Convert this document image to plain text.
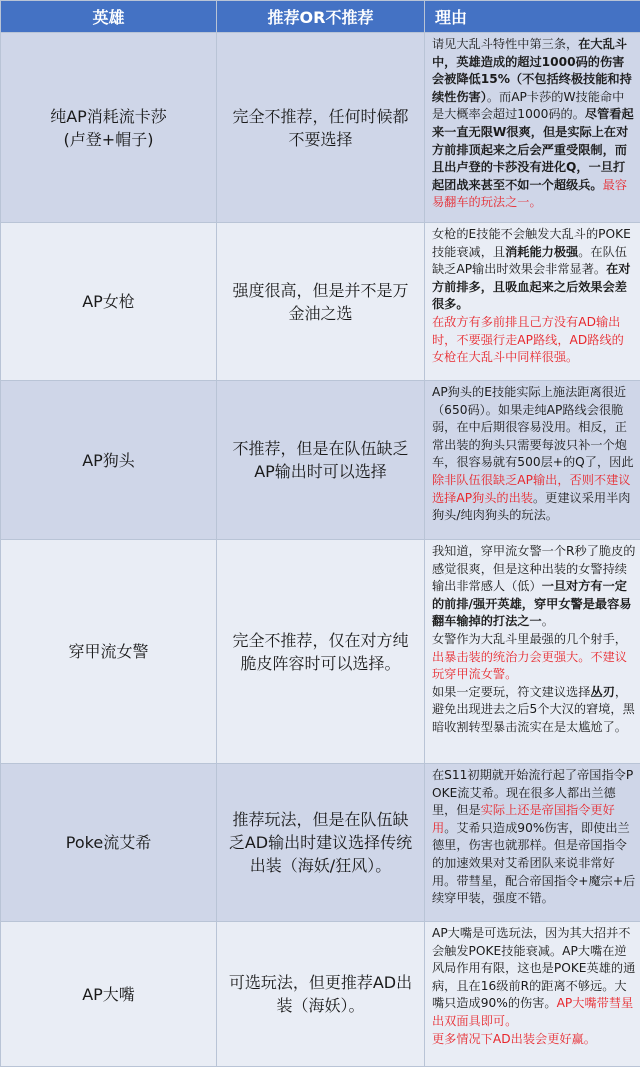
英雄	推荐OR不推荐	理由
纯AP消耗流卡莎
(卢登+帽子)	完全不推荐，任何时候都不要选择	请见大乱斗特性中第三条，在大乱斗中，英雄造成的超过1000码的伤害会被降低15%（不包括终极技能和持续性伤害）。而AP卡莎的W技能命中是大概率会超过1000码的。尽管看起来一直无限W很爽，但是实际上在对方前排顶起来之后会严重受限制，而且出卢登的卡莎没有进化Q，一旦打起团战来甚至不如一个超级兵。最容易翻车的玩法之一。

AP女枪	强度很高，但是并不是万金油之选	女枪的E技能不会触发大乱斗的POKE技能衰减，且消耗能力极强。在队伍缺乏AP输出时效果会非常显著。在对方前排多，且吸血起来之后效果会差很多。

在敌方有多前排且己方没有AD输出时，不要强行走AP路线，AD路线的女枪在大乱斗中同样很强。

AP狗头	不推荐，但是在队伍缺乏AP输出时可以选择	AP狗头的E技能实际上施法距离很近（650码）。如果走纯AP路线会很脆弱，在中后期很容易没用。相反，正常出装的狗头只需要每波只补一个炮车，很容易就有500层+的Q了，因此除非队伍很缺乏AP输出，否则不建议选择AP狗头的出装。更建议采用半肉狗头/纯肉狗头的玩法。

穿甲流女警	完全不推荐，仅在对方纯脆皮阵容时可以选择。	我知道，穿甲流女警一个R秒了脆皮的感觉很爽，但是这种出装的女警持续输出非常感人（低）一旦对方有一定的前排/强开英雄，穿甲女警是最容易翻车输掉的打法之一。

女警作为大乱斗里最强的几个射手，出暴击装的统治力会更强大。不建议玩穿甲流女警。

如果一定要玩，符文建议选择丛刃，避免出现进去之后5个大汉的窘境，黑暗收割转型暴击流实在是太尴尬了。

Poke流艾希	推荐玩法，但是在队伍缺乏AD输出时建议选择传统出装（海妖/狂风）。	在S11初期就开始流行起了帝国指令POKE流艾希。现在很多人都出兰德里，但是实际上还是帝国指令更好用。艾希只造成90%伤害，即使出兰德里，伤害也就那样。但是帝国指令的加速效果对艾希团队来说非常好用。带彗星，配合帝国指令+魔宗+后续穿甲装，强度不错。

AP大嘴	可选玩法，但更推荐AD出装（海妖）。	AP大嘴是可选玩法，因为其大招并不会触发POKE技能衰减。AP大嘴在逆风局作用有限，这也是POKE英雄的通病，且在16级前R的距离不够远。大嘴只造成90%的伤害。AP大嘴带彗星出双面具即可。

更多情况下AD出装会更好赢。
